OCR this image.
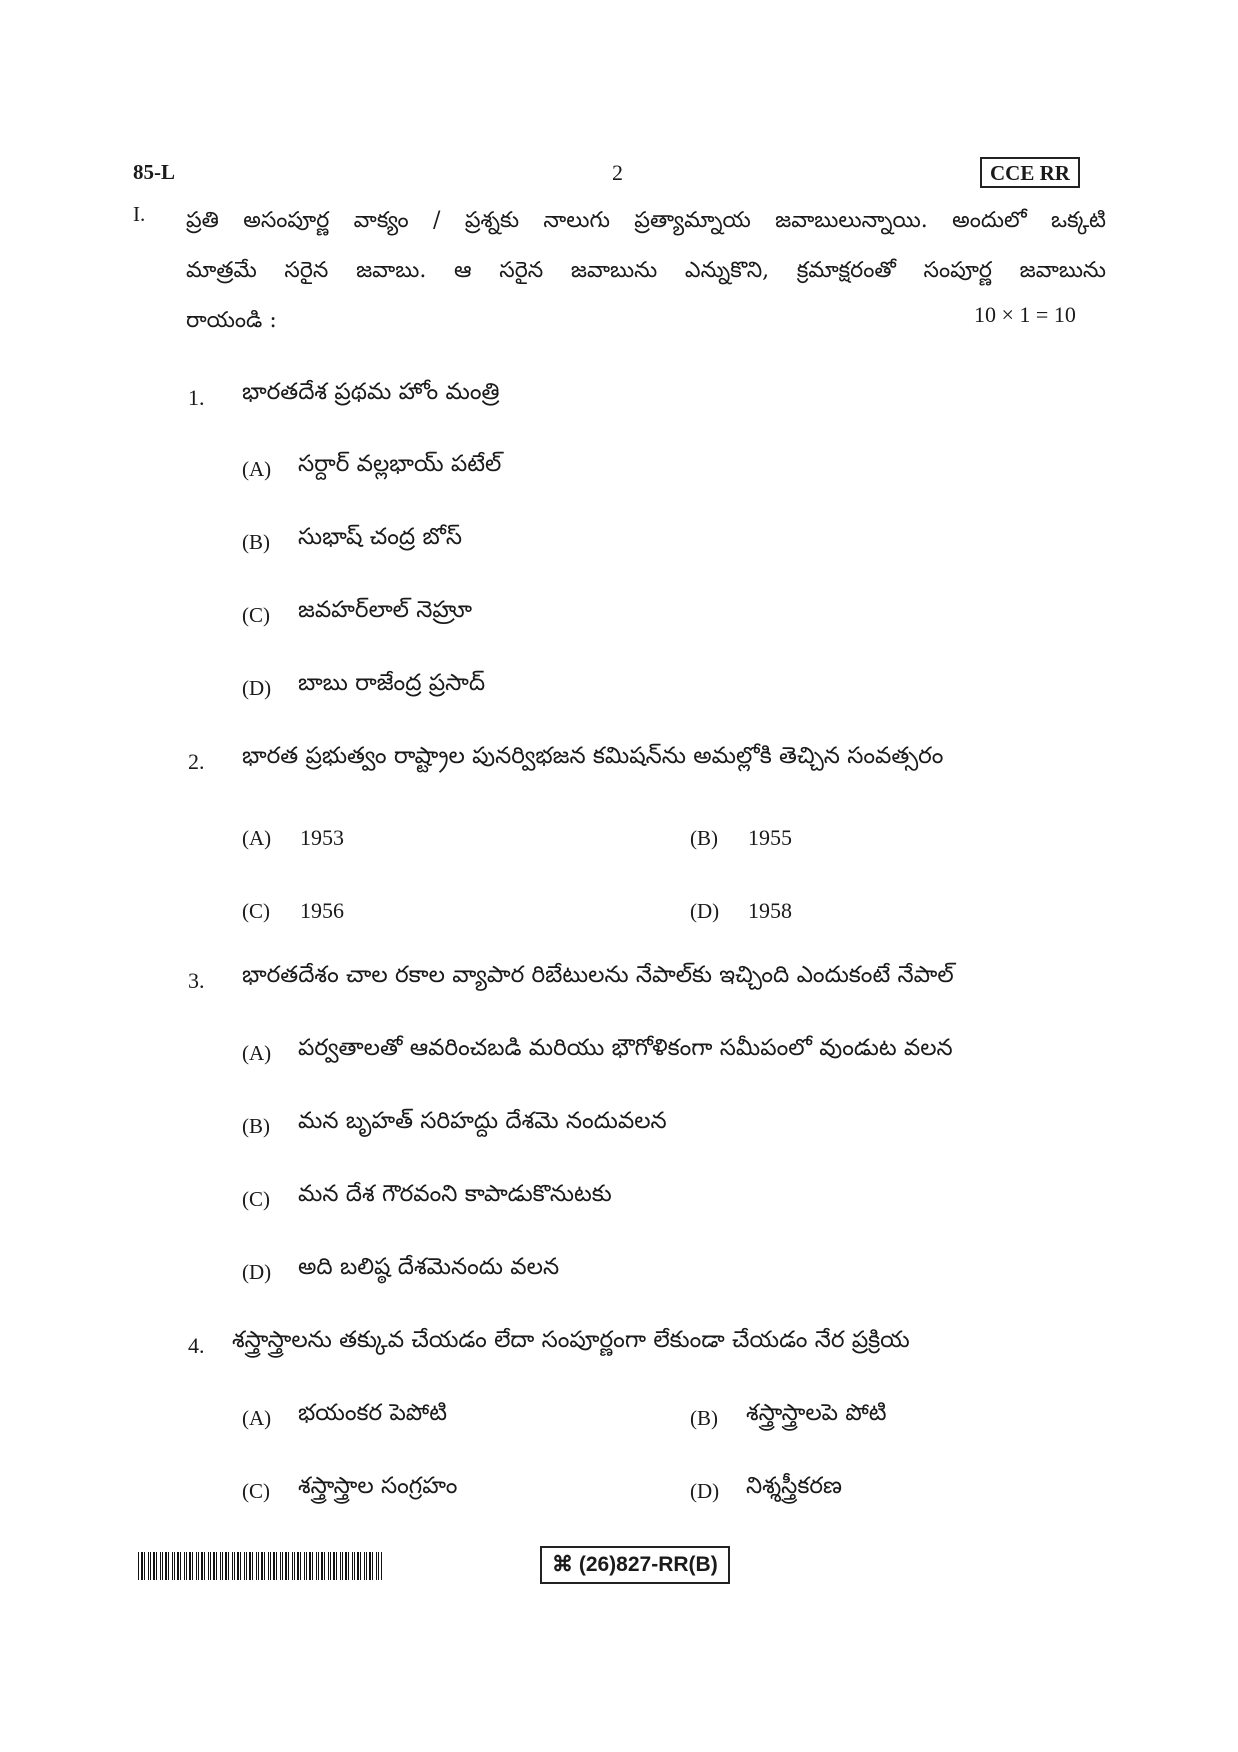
85-L	2	CCE RR
I. ప్రతి అసంపూర్ణ వాక్యం / ప్రశ్నకు నాలుగు ప్రత్యామ్నాయ జవాబులున్నాయి. అందులో ఒక్కటి
మాత్రమే సరైన జవాబు. ఆ సరైన జవాబును ఎన్నుకొని, క్రమాక్షరంతో సంపూర్ణ జవాబును
రాయండి :	10 × 1 = 10
1. భారతదేశ ప్రథమ హోం మంత్రి
(A) సర్దార్ వల్లభాయ్ పటేల్
(B) సుభాష్ చంద్ర బోస్
(C) జవహర్‌లాల్ నెహ్రూ
(D) బాబు రాజేంద్ర ప్రసాద్
2. భారత ప్రభుత్వం రాష్ట్రాల పునర్విభజన కమిషన్‌ను అమల్లోకి తెచ్చిన సంవత్సరం
(A) 1953	(B) 1955
(C) 1956	(D) 1958
3. భారతదేశం చాల రకాల వ్యాపార రిబేటులను నేపాల్‌కు ఇచ్చింది ఎందుకంటే నేపాల్
(A) పర్వతాలతో ఆవరించబడి మరియు భౌగోళికంగా సమీపంలో వుండుట వలన
(B) మన బృహత్ సరిహద్దు దేశమె నందువలన
(C) మన దేశ గౌరవంని కాపాడుకొనుటకు
(D) అది బలిష్ఠ దేశమెనందు వలన
4. శస్త్రాస్త్రాలను తక్కువ చేయడం లేదా సంపూర్ణంగా లేకుండా చేయడం నేర ప్రక్రియ
(A) భయంకర పెపోటి	(B) శస్త్రాస్త్రాలపె పోటి
(C) శస్త్రాస్త్రాల సంగ్రహం	(D) నిశ్శస్త్రీకరణ
⌘ (26)827-RR(B)
